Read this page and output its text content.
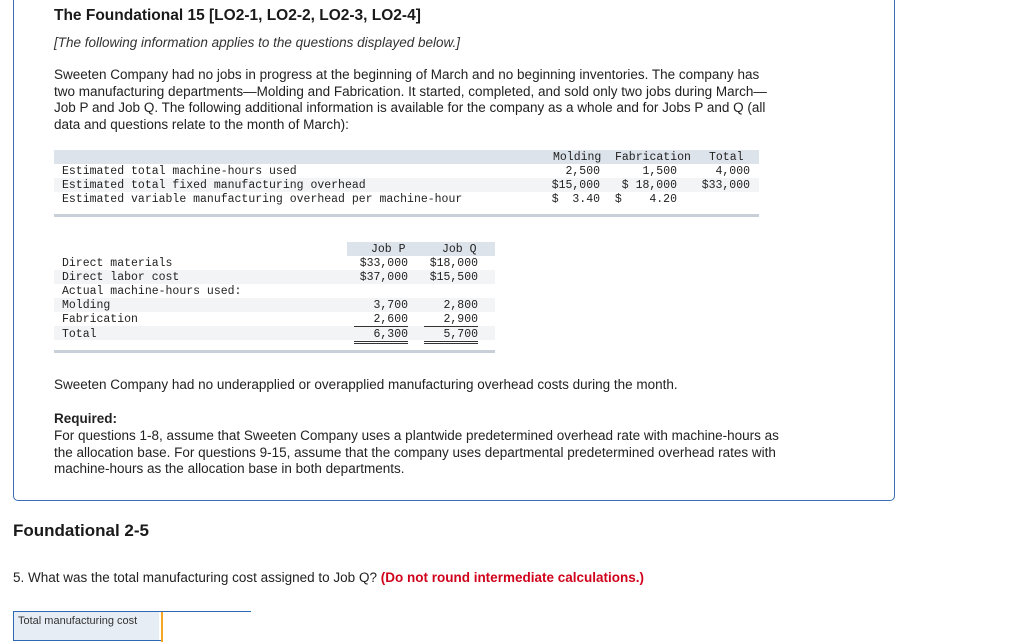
The Foundational 15 [LO2-1, LO2-2, LO2-3, LO2-4]
[The following information applies to the questions displayed below.]
Sweeten Company had no jobs in progress at the beginning of March and no beginning inventories. The company has
two manufacturing departments—Molding and Fabrication. It started, completed, and sold only two jobs during March—
Job P and Job Q. The following additional information is available for the company as a whole and for Jobs P and Q (all
data and questions relate to the month of March):
Molding Fabrication Total
Estimated total machine-hours used	2,500	1,500	4,000
Estimated total fixed manufacturing overhead	$15,000	$ 18,000	$33,000
Estimated variable manufacturing overhead per machine-hour	$  3.40	$    4.20
Job P	Job Q
Direct materials	$33,000	$18,000
Direct labor cost	$37,000	$15,500
Actual machine-hours used:
Molding	3,700	2,800
Fabrication	2,600	2,900
Total	6,300	5,700
Sweeten Company had no underapplied or overapplied manufacturing overhead costs during the month.
Required:
For questions 1-8, assume that Sweeten Company uses a plantwide predetermined overhead rate with machine-hours as
the allocation base. For questions 9-15, assume that the company uses departmental predetermined overhead rates with
machine-hours as the allocation base in both departments.
Foundational 2-5
5. What was the total manufacturing cost assigned to Job Q? (Do not round intermediate calculations.)
Total manufacturing cost
